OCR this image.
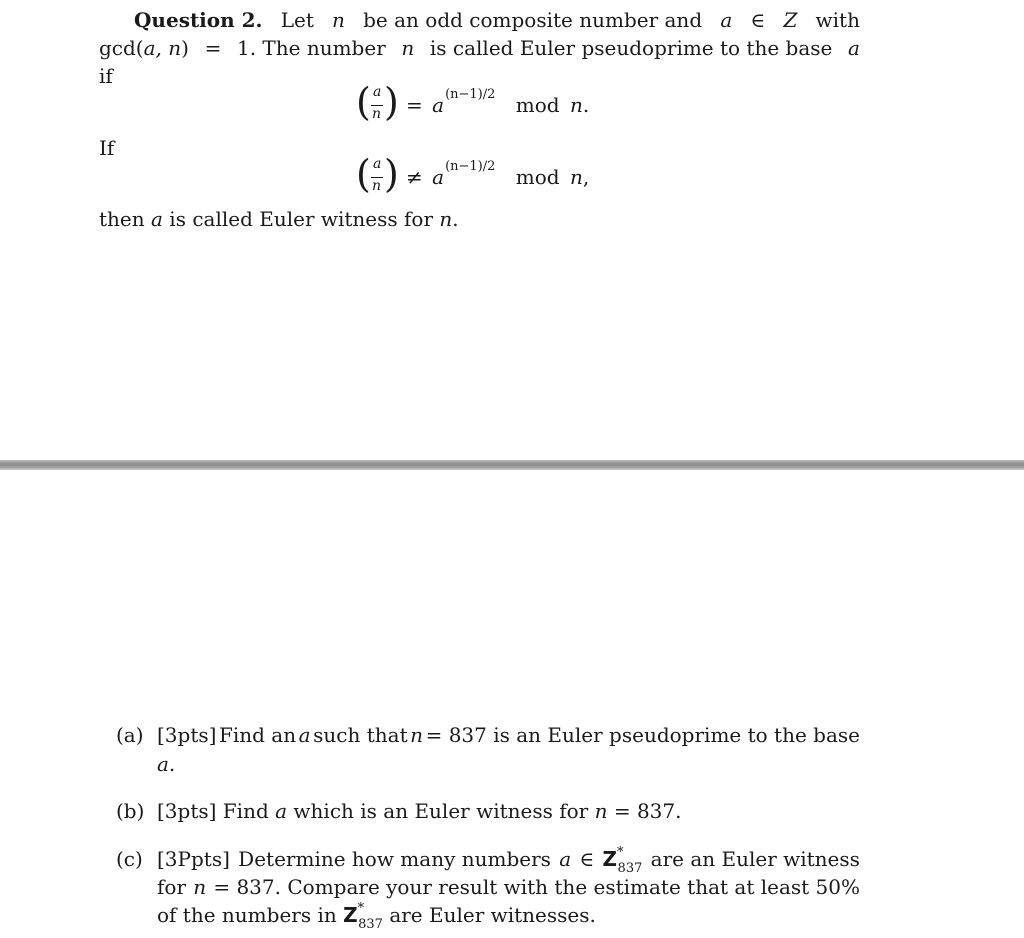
Question 2. Let n be an odd composite number and a ∈ Z with
gcd(a, n) = 1. The number n is called Euler pseudoprime to the base a
if
( a
n ) = $a^{(n-1)/2}$ mod n.
If
( a
n ) ≠ $a^{(n-1)/2}$ mod n,
then a is called Euler witness for n.
(a) [3pts] Find an a such that n = 837 is an Euler pseudoprime to the base
a.
(b) [3pts] Find a which is an Euler witness for n = 837.
(c) [3Ppts] Determine how many numbers a ∈ $Z^*_{837}$ are an Euler witness
for n = 837. Compare your result with the estimate that at least 50%
of the numbers in $Z^*_{837}$ are Euler witnesses.
